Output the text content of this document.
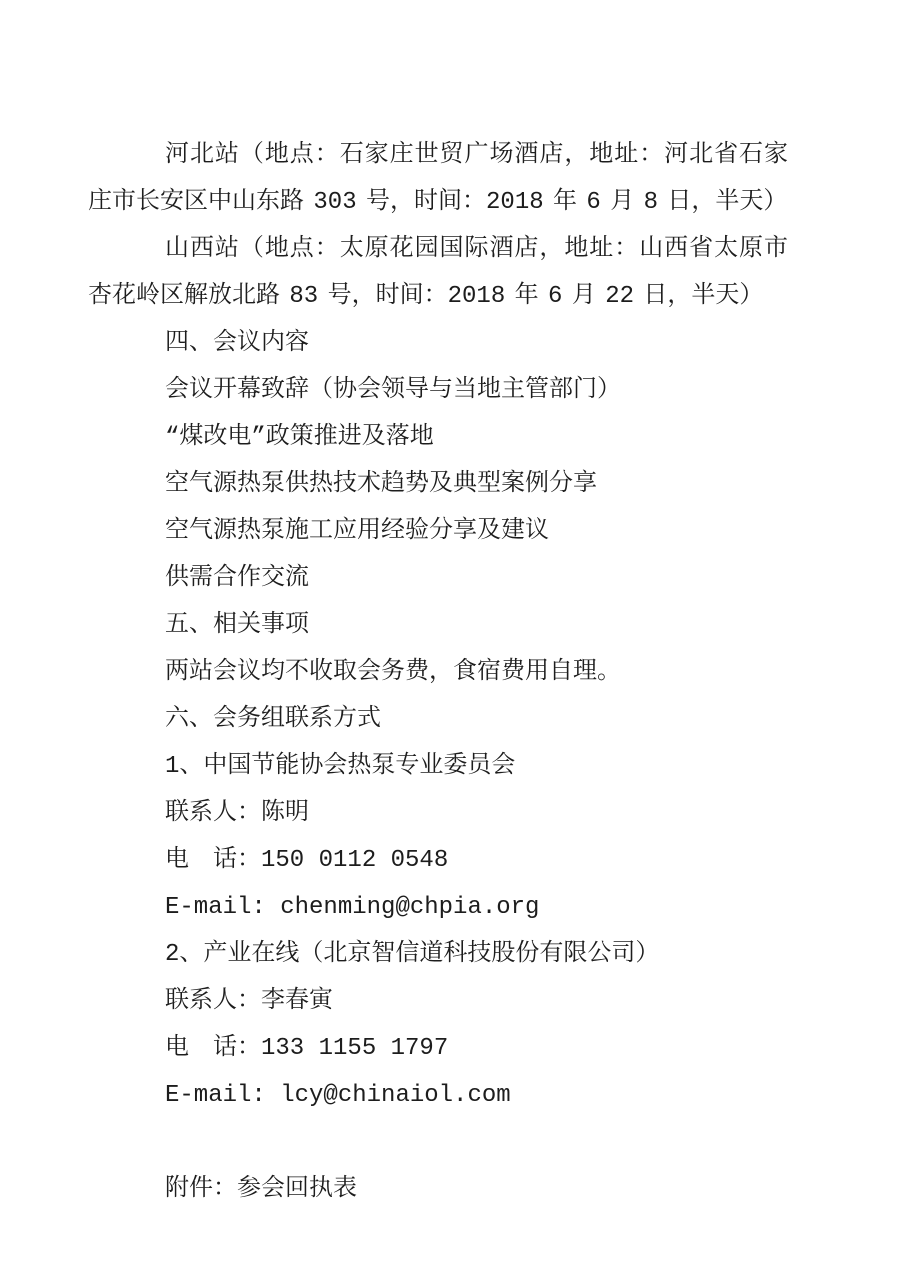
河北站（地点：石家庄世贸广场酒店，地址：河北省石家
庄市长安区中山东路 303 号，时间：2018 年 6 月 8 日，半天）
山西站（地点：太原花园国际酒店，地址：山西省太原市
杏花岭区解放北路 83 号，时间：2018 年 6 月 22 日，半天）
四、会议内容
会议开幕致辞（协会领导与当地主管部门）
“煤改电”政策推进及落地
空气源热泵供热技术趋势及典型案例分享
空气源热泵施工应用经验分享及建议
供需合作交流
五、相关事项
两站会议均不收取会务费，食宿费用自理。
六、会务组联系方式
1、中国节能协会热泵专业委员会
联系人：陈明
电　话：150 0112 0548
E-mail: chenming@chpia.org
2、产业在线（北京智信道科技股份有限公司）
联系人：李春寅
电　话：133 1155 1797
E-mail: lcy@chinaiol.com
附件：参会回执表
